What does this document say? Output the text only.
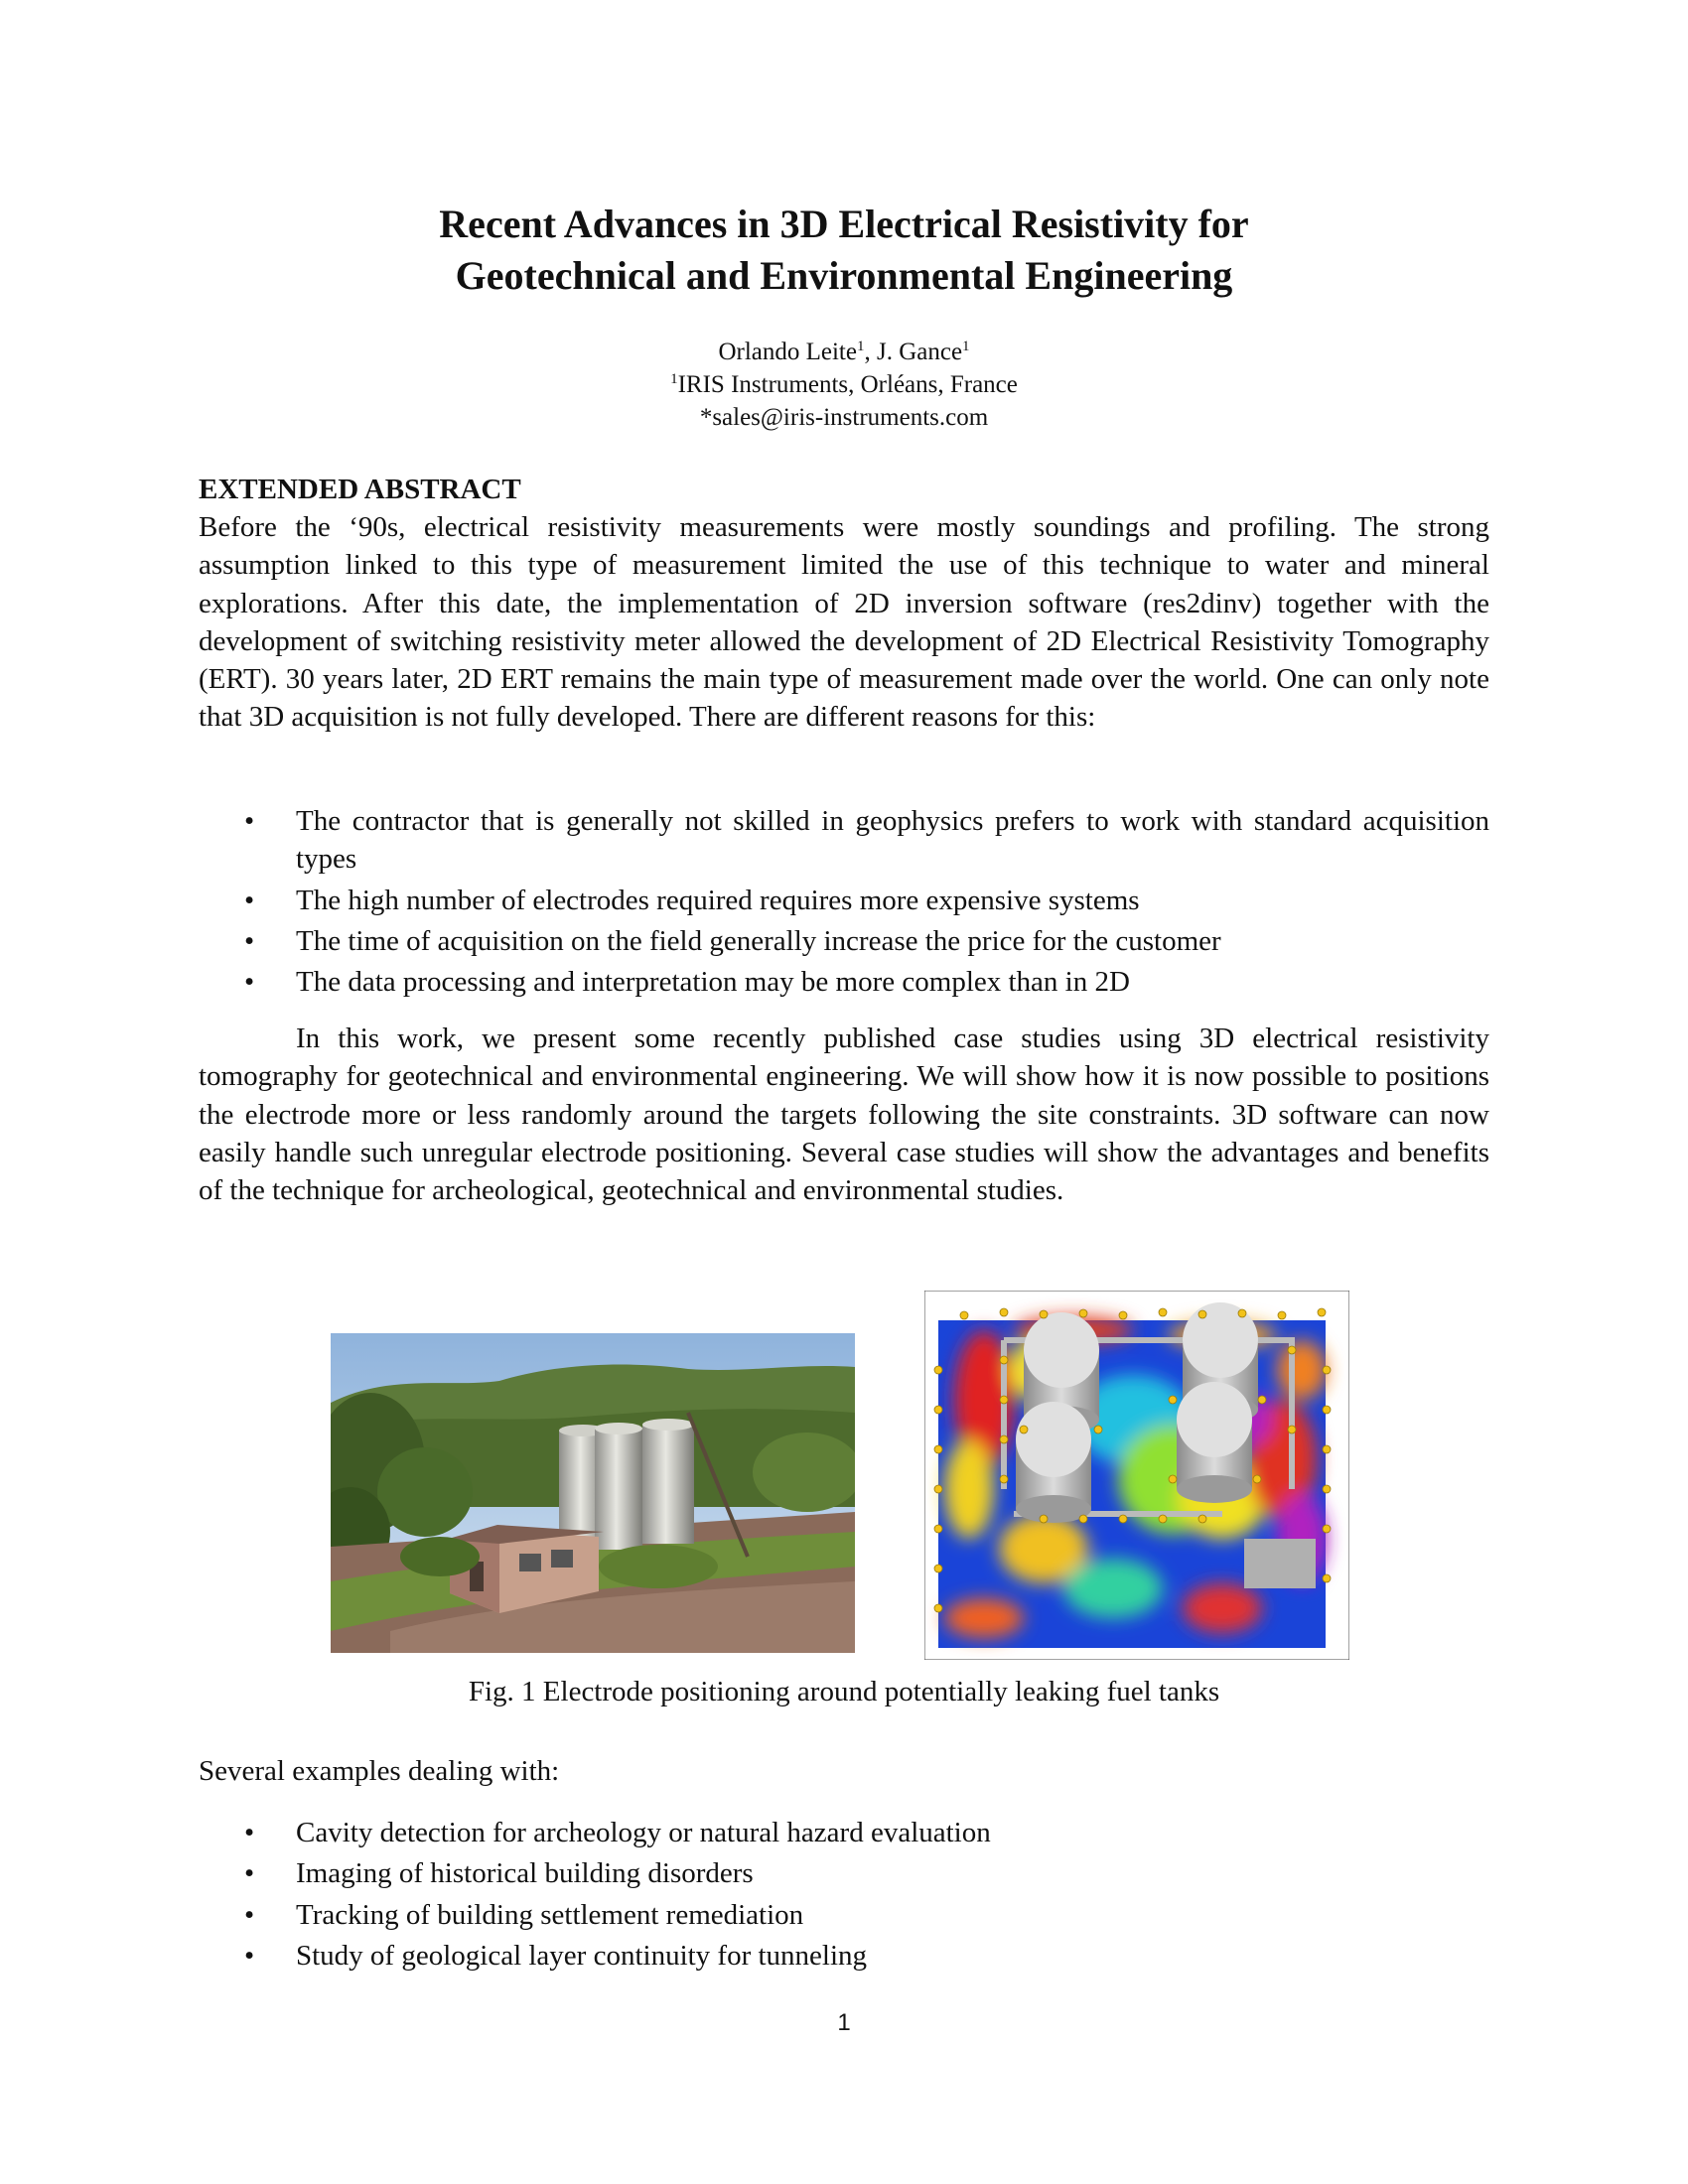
Recent Advances in 3D Electrical Resistivity for
Geotechnical and Environmental Engineering
Orlando Leite$^1$, J. Gance$^1$
$^1$IRIS Instruments, Orléans, France
*sales@iris-instruments.com
EXTENDED ABSTRACT

Before the ‘90s, electrical resistivity measurements were mostly soundings and profiling. The strong assumption linked to this type of measurement limited the use of this technique to water and mineral explorations. After this date, the implementation of 2D inversion software (res2dinv) together with the development of switching resistivity meter allowed the development of 2D Electrical Resistivity Tomography (ERT). 30 years later, 2D ERT remains the main type of measurement made over the world. One can only note that 3D acquisition is not fully developed. There are different reasons for this:

• The contractor that is generally not skilled in geophysics prefers to work with standard acquisition types
• The high number of electrodes required requires more expensive systems
• The time of acquisition on the field generally increase the price for the customer
• The data processing and interpretation may be more complex than in 2D

In this work, we present some recently published case studies using 3D electrical resistivity tomography for geotechnical and environmental engineering. We will show how it is now possible to positions the electrode more or less randomly around the targets following the site constraints. 3D software can now easily handle such unregular electrode positioning. Several case studies will show the advantages and benefits of the technique for archeological, geotechnical and environmental studies.

Fig. 1 Electrode positioning around potentially leaking fuel tanks

Several examples dealing with:

• Cavity detection for archeology or natural hazard evaluation
• Imaging of historical building disorders
• Tracking of building settlement remediation
• Study of geological layer continuity for tunneling
1
